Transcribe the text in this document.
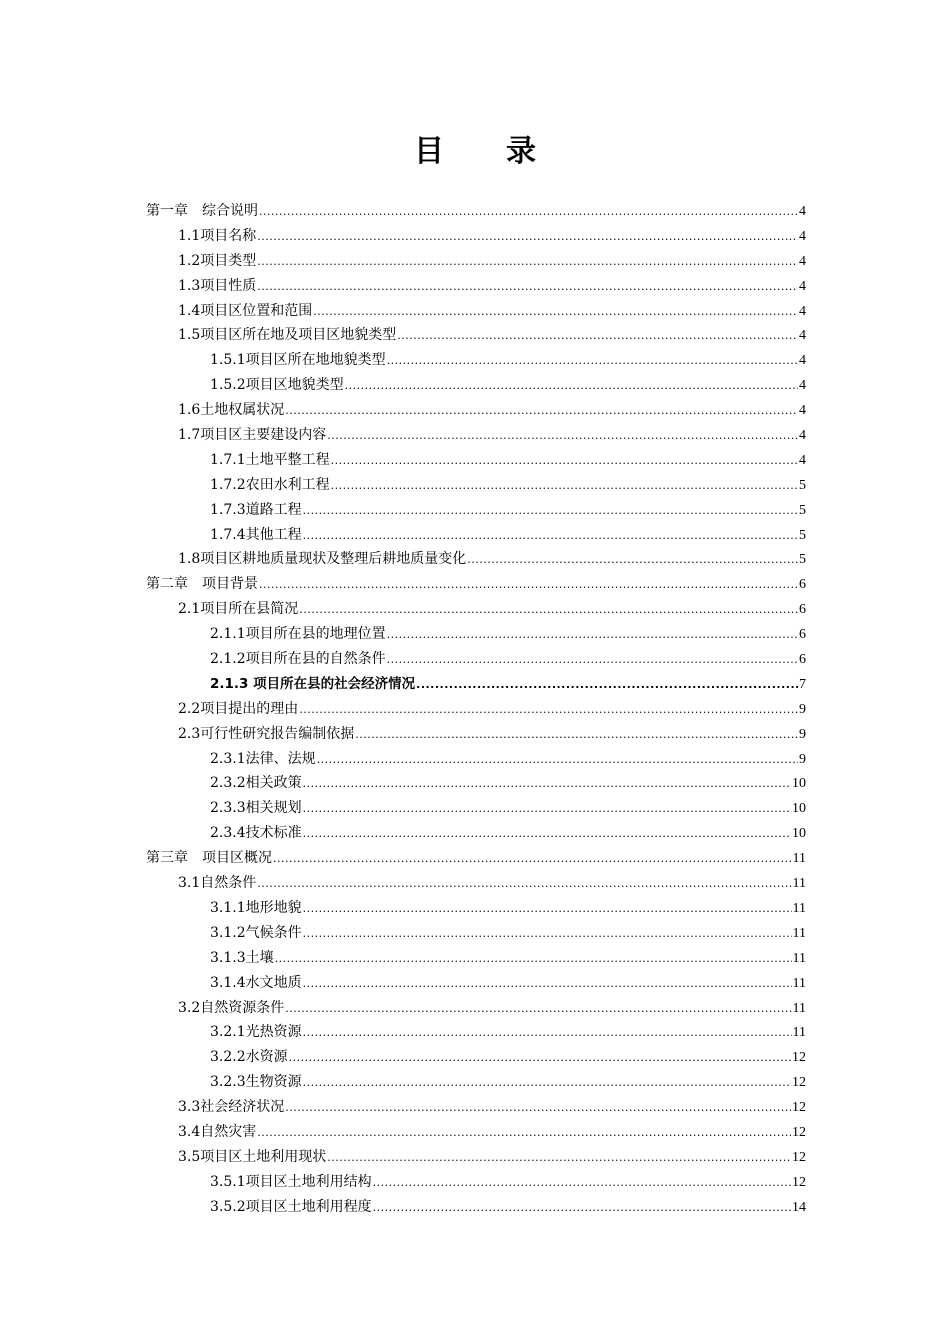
目录
第一章　综合说明 .....	4
1.1项目名称 .....	4
1.2项目类型 .....	4
1.3项目性质 .....	4
1.4项目区位置和范围 .....	4
1.5项目区所在地及项目区地貌类型 .....	4
1.5.1项目区所在地地貌类型 .....	4
1.5.2项目区地貌类型 .....	4
1.6土地权属状况 .....	4
1.7项目区主要建设内容 .....	4
1.7.1土地平整工程 .....	4
1.7.2农田水利工程 .....	5
1.7.3道路工程 .....	5
1.7.4其他工程 .....	5
1.8项目区耕地质量现状及整理后耕地质量变化 .....	5
第二章　项目背景 .....	6
2.1项目所在县简况 .....	6
2.1.1项目所在县的地理位置 .....	6
2.1.2项目所在县的自然条件 .....	6
2.1.3 项目所在县的社会经济情况 .....	7
2.2项目提出的理由 .....	9
2.3可行性研究报告编制依据 .....	9
2.3.1法律、法规 .....	9
2.3.2相关政策 .....	10
2.3.3相关规划 .....	10
2.3.4技术标准 .....	10
第三章　项目区概况 .....	11
3.1自然条件 .....	11
3.1.1地形地貌 .....	11
3.1.2气候条件 .....	11
3.1.3土壤 .....	11
3.1.4水文地质 .....	11
3.2自然资源条件 .....	11
3.2.1光热资源 .....	11
3.2.2水资源 .....	12
3.2.3生物资源 .....	12
3.3社会经济状况 .....	12
3.4自然灾害 .....	12
3.5项目区土地利用现状 .....	12
3.5.1项目区土地利用结构 .....	12
3.5.2项目区土地利用程度 .....	14
